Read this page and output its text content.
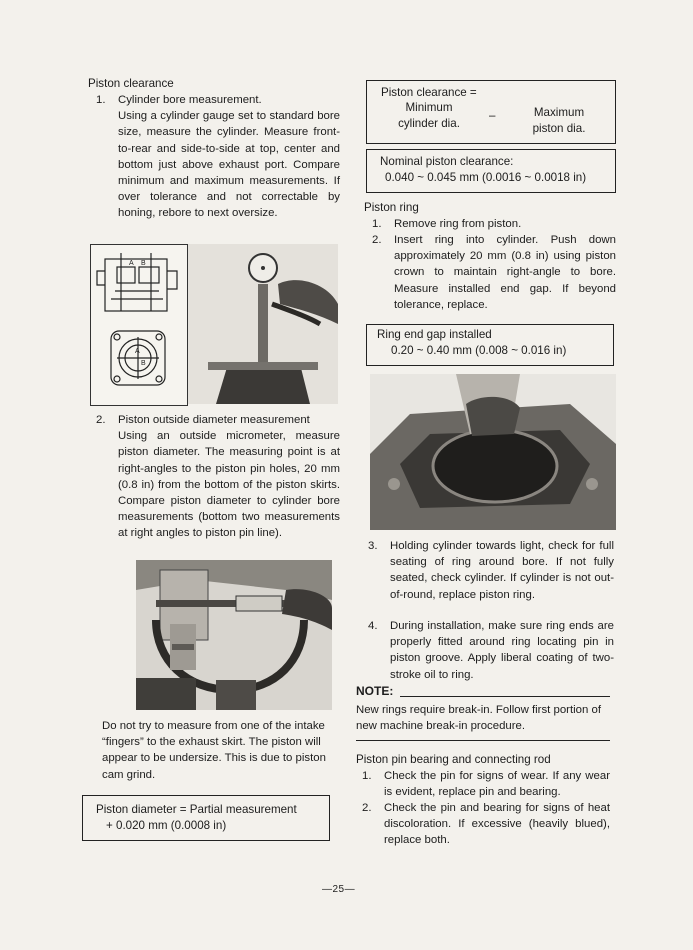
Piston clearance
1. Cylinder bore measurement.
Using a cylinder gauge set to standard bore size, measure the cylinder. Measure front-to-rear and side-to-side at top, center and bottom just above exhaust port. Compare minimum and maximum measurements. If over tolerance and not correctable by honing, rebore to next oversize.
A B
A
B
2. Piston outside diameter measurement
Using an outside micrometer, measure piston diameter. The measuring point is at right-angles to the piston pin holes, 20 mm (0.8 in) from the bottom of the piston skirts. Compare piston diameter to cylinder bore measurements (bottom two measurements at right angles to piston pin line).
Do not try to measure from one of the intake “fingers” to the exhaust skirt. The piston will appear to be undersize. This is due to piston cam grind.
Piston diameter = Partial measurement
+ 0.020 mm (0.0008 in)
Piston clearance =
Minimum
cylinder dia.
–	Maximum
piston dia.
Nominal piston clearance:
0.040 ~ 0.045 mm (0.0016 ~ 0.0018 in)
Piston ring
1. Remove ring from piston.
2. Insert ring into cylinder. Push down approximately 20 mm (0.8 in) using piston crown to maintain right-angle to bore. Measure installed end gap. If beyond tolerance, replace.
Ring end gap installed
0.20 ~ 0.40 mm (0.008 ~ 0.016 in)
3. Holding cylinder towards light, check for full seating of ring around bore. If not fully seated, check cylinder. If cylinder is not out-of-round, replace piston ring.
4. During installation, make sure ring ends are properly fitted around ring locating pin in piston groove. Apply liberal coating of two-stroke oil to ring.
NOTE:
New rings require break-in. Follow first portion of new machine break-in procedure.
Piston pin bearing and connecting rod
1. Check the pin for signs of wear. If any wear is evident, replace pin and bearing.
2. Check the pin and bearing for signs of heat discoloration. If excessive (heavily blued), replace both.
—25—
